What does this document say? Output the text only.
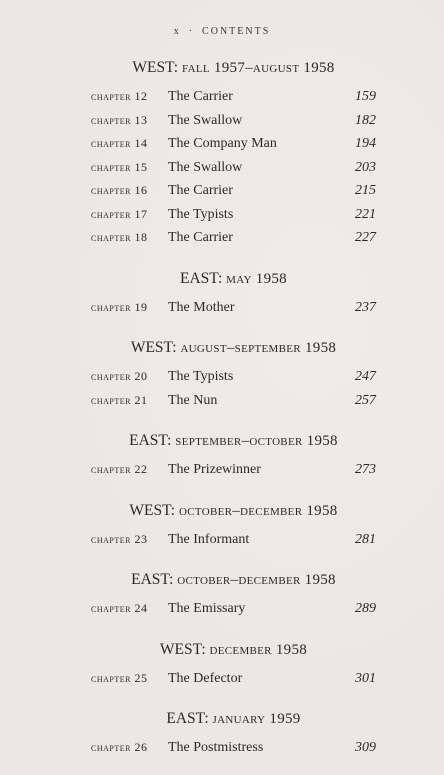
x · CONTENTS
WEST: fall 1957–august 1958
chapter 12	The Carrier	159
chapter 13	The Swallow	182
chapter 14	The Company Man	194
chapter 15	The Swallow	203
chapter 16	The Carrier	215
chapter 17	The Typists	221
chapter 18	The Carrier	227
EAST: may 1958
chapter 19	The Mother	237
WEST: august–september 1958
chapter 20	The Typists	247
chapter 21	The Nun	257
EAST: september–october 1958
chapter 22	The Prizewinner	273
WEST: october–december 1958
chapter 23	The Informant	281
EAST: october–december 1958
chapter 24	The Emissary	289
WEST: december 1958
chapter 25	The Defector	301
EAST: january 1959
chapter 26	The Postmistress	309
